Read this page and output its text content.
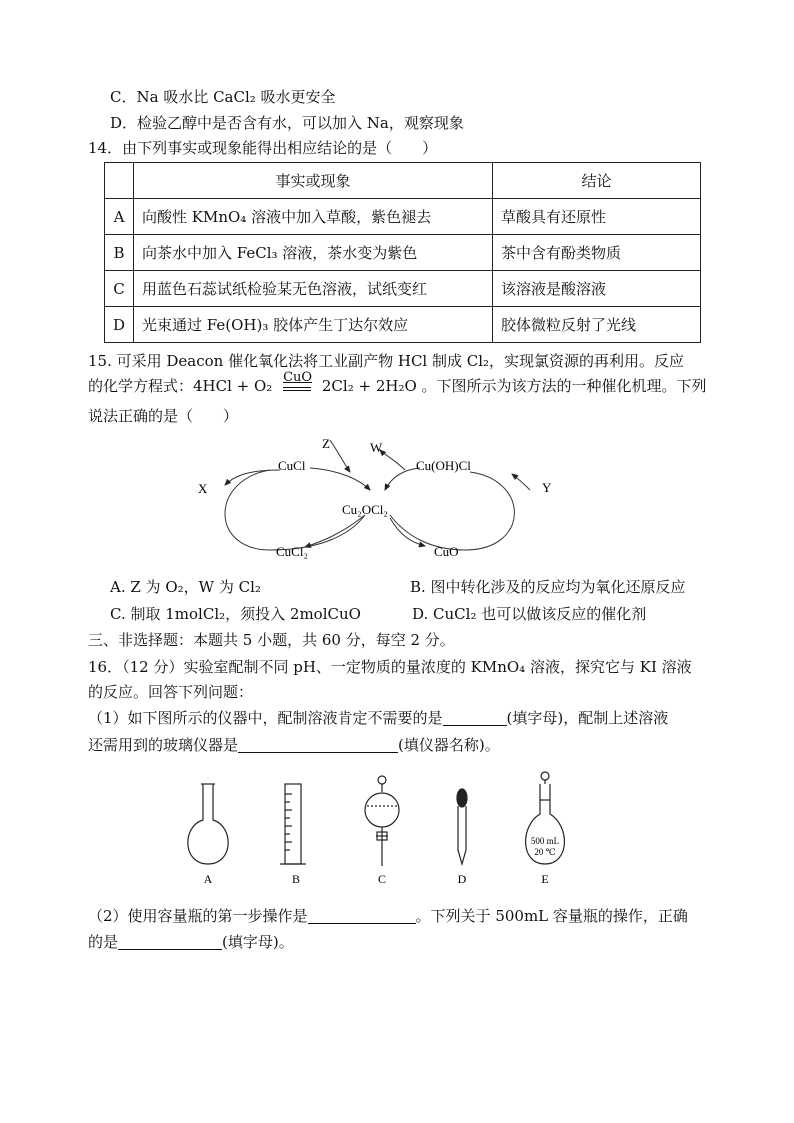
C．Na 吸水比 CaCl₂ 吸水更安全
D．检验乙醇中是否含有水，可以加入 Na，观察现象
14．由下列事实或现象能得出相应结论的是（　　）
	事实或现象	结论
A	向酸性 KMnO₄ 溶液中加入草酸，紫色褪去	草酸具有还原性
B	向茶水中加入 FeCl₃ 溶液，茶水变为紫色	茶中含有酚类物质
C	用蓝色石蕊试纸检验某无色溶液，试纸变红	该溶液是酸溶液
D	光束通过 Fe(OH)₃ 胶体产生丁达尔效应	胶体微粒反射了光线
15. 可采用 Deacon 催化氧化法将工业副产物 HCl 制成 Cl₂，实现氯资源的再利用。反应
的化学方程式：4HCl + O₂ CuO 2Cl₂ + 2H₂O 。下图所示为该方法的一种催化机理。下列
说法正确的是（　　）
CuCl
Z	W
Cu(OH)Cl
X	Y
Cu₂OCl₂
CuCl₂	CuO
A. Z 为 O₂，W 为 Cl₂	B. 图中转化涉及的反应均为氧化还原反应
C. 制取 1molCl₂，须投入 2molCuO	D. CuCl₂ 也可以做该反应的催化剂
三、非选择题：本题共 5 小题，共 60 分，每空 2 分。
16．（12 分）实验室配制不同 pH、一定物质的量浓度的 KMnO₄ 溶液，探究它与 KI 溶液
的反应。回答下列问题：
（1）如下图所示的仪器中，配制溶液肯定不需要的是	(填字母)，配制上述溶液
还需用到的玻璃仪器是	(填仪器名称)。
500 mL
20 ℃
A	B	C	D	E
（2）使用容量瓶的第一步操作是	。下列关于 500mL 容量瓶的操作，正确
的是	(填字母)。
